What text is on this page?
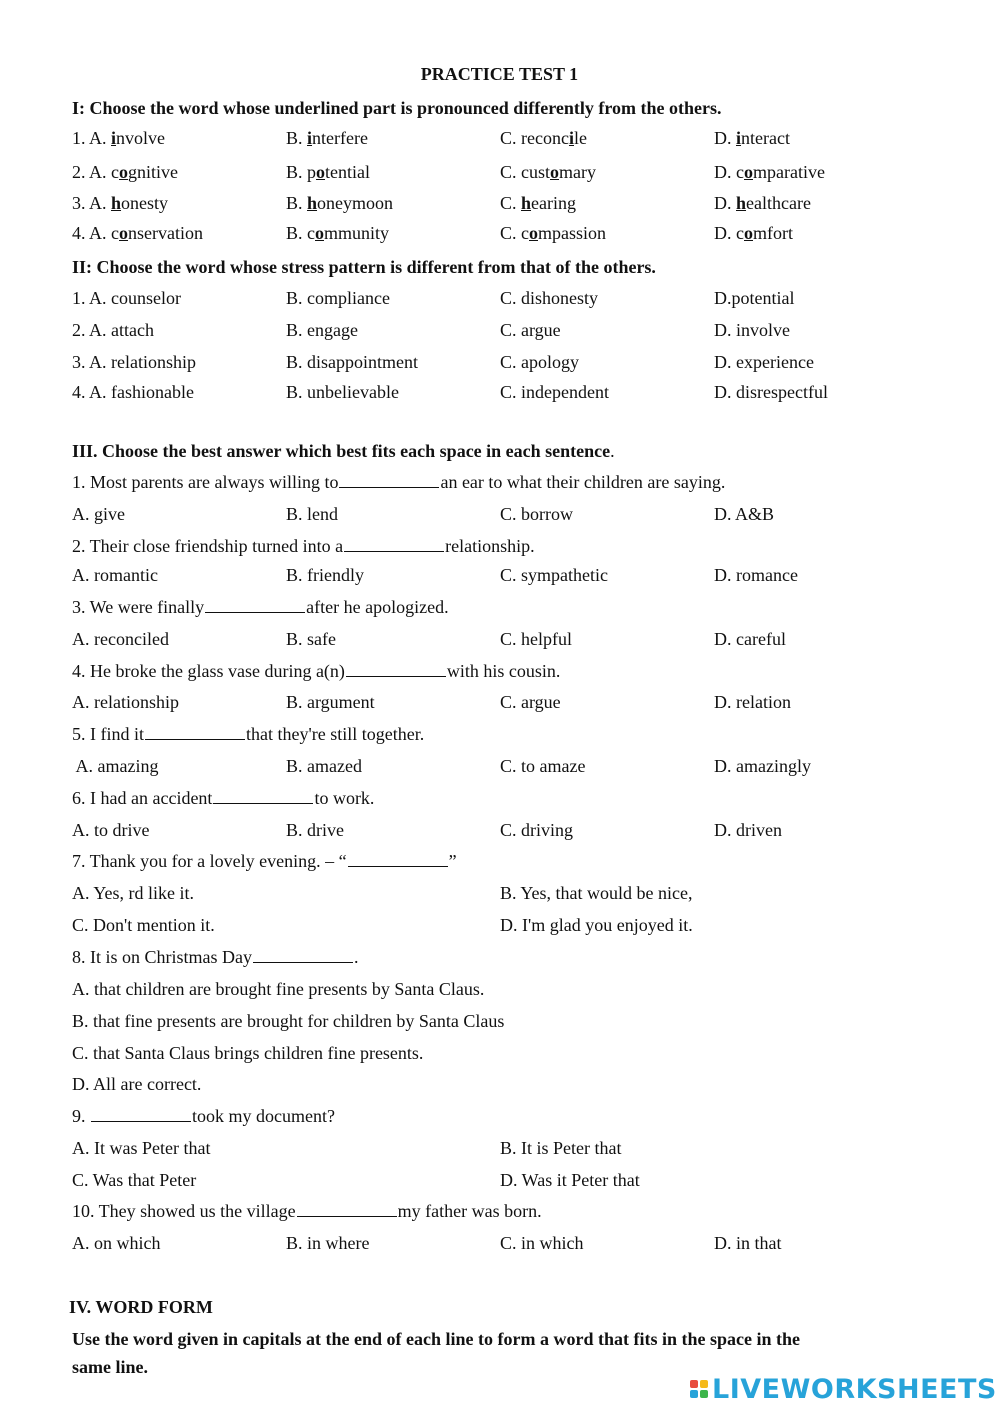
PRACTICE TEST 1
I: Choose the word whose underlined part is pronounced differently from the others.
1. A. involve	B. interfere	C. reconcile	D. interact
2. A. cognitive	B. potential	C. customary	D. comparative
3. A. honesty	B. honeymoon	C. hearing	D. healthcare
4. A. conservation	B. community	C. compassion	D. comfort
II: Choose the word whose stress pattern is different from that of the others.
1. A. counselor	B. compliance	C. dishonesty	D.potential
2. A. attach	B. engage	C. argue	D. involve
3. A. relationship	B. disappointment	C. apology	D. experience
4. A. fashionable	B. unbelievable	C. independent	D. disrespectful
III. Choose the best answer which best fits each space in each sentence.
1. Most parents are always willing to	an ear to what their children are saying.
A. give	B. lend	C. borrow	D. A&B
2. Their close friendship turned into a	relationship.
A. romantic	B. friendly	C. sympathetic	D. romance
3. We were finally	after he apologized.
A. reconciled	B. safe	C. helpful	D. careful
4. He broke the glass vase during a(n)	with his cousin.
A. relationship	B. argument	C. argue	D. relation
5. I find it	that they're still together.
A. amazing	B. amazed	C. to amaze	D. amazingly
6. I had an accident	to work.
A. to drive	B. drive	C. driving	D. driven
7. Thank you for a lovely evening. – “	”
A. Yes, rd like it.	B. Yes, that would be nice,
C. Don't mention it.	D. I'm glad you enjoyed it.
8. It is on Christmas Day	.
A. that children are brought fine presents by Santa Claus.
B. that fine presents are brought for children by Santa Claus
C. that Santa Claus brings children fine presents.
D. All are correct.
9.	took my document?
A. It was Peter that	B. It is Peter that
C. Was that Peter	D. Was it Peter that
10. They showed us the village	my father was born.
A. on which	B. in where	C. in which	D. in that
IV. WORD FORM
Use the word given in capitals at the end of each line to form a word that fits in the space in the
same line.
LIVEWORKSHEETS
